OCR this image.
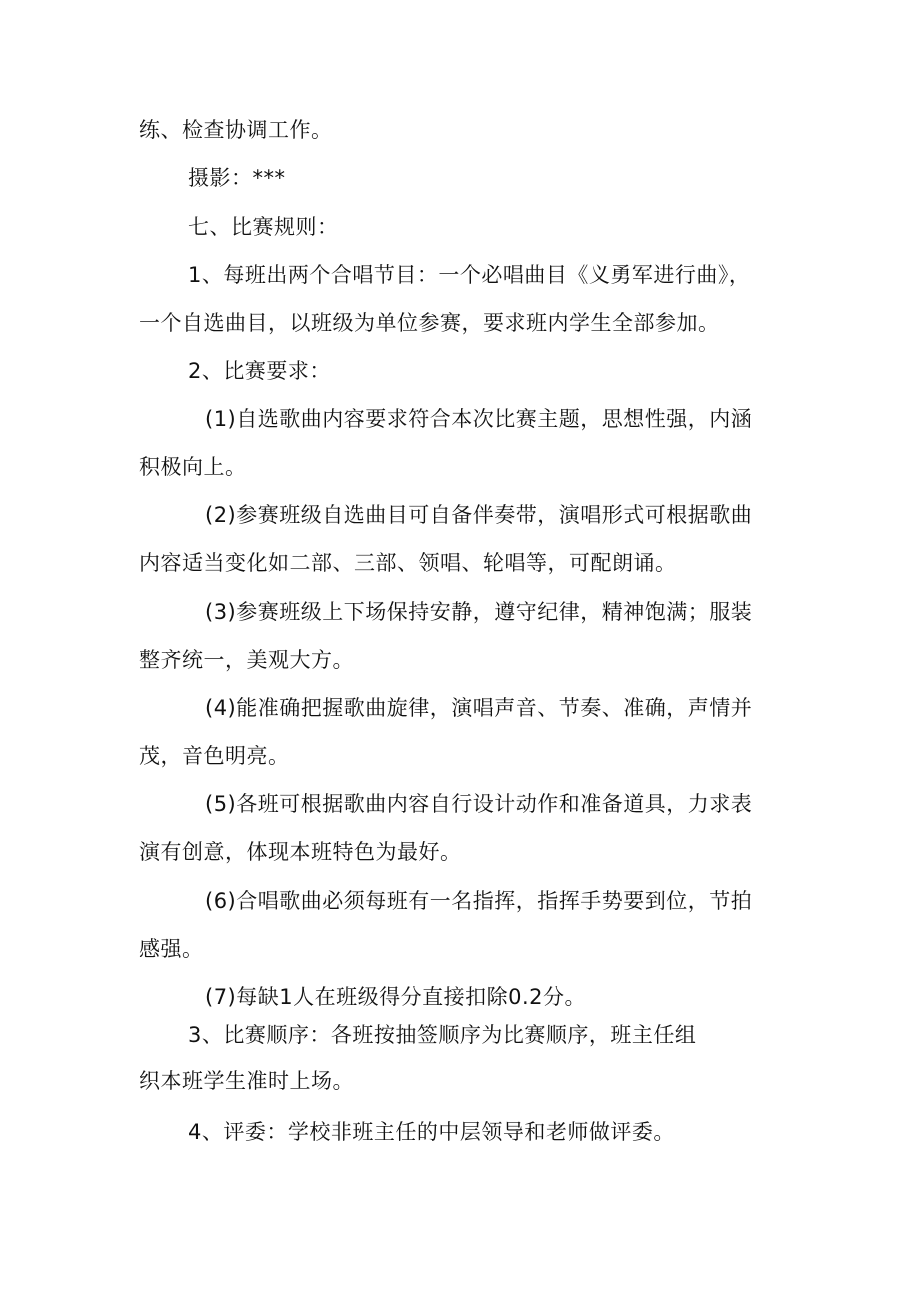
练、检查协调工作。
摄影：***
七、比赛规则：
1、每班出两个合唱节目：一个必唱曲目《义勇军进行曲》，
一个自选曲目，以班级为单位参赛，要求班内学生全部参加。
2、比赛要求：
(1)自选歌曲内容要求符合本次比赛主题，思想性强，内涵
积极向上。
(2)参赛班级自选曲目可自备伴奏带，演唱形式可根据歌曲
内容适当变化如二部、三部、领唱、轮唱等，可配朗诵。
(3)参赛班级上下场保持安静，遵守纪律，精神饱满；服装
整齐统一，美观大方。
(4)能准确把握歌曲旋律，演唱声音、节奏、准确，声情并
茂，音色明亮。
(5)各班可根据歌曲内容自行设计动作和准备道具，力求表
演有创意，体现本班特色为最好。
(6)合唱歌曲必须每班有一名指挥，指挥手势要到位，节拍
感强。
(7)每缺1人在班级得分直接扣除0.2分。
3、比赛顺序：各班按抽签顺序为比赛顺序，班主任组
织本班学生准时上场。
4、评委：学校非班主任的中层领导和老师做评委。
